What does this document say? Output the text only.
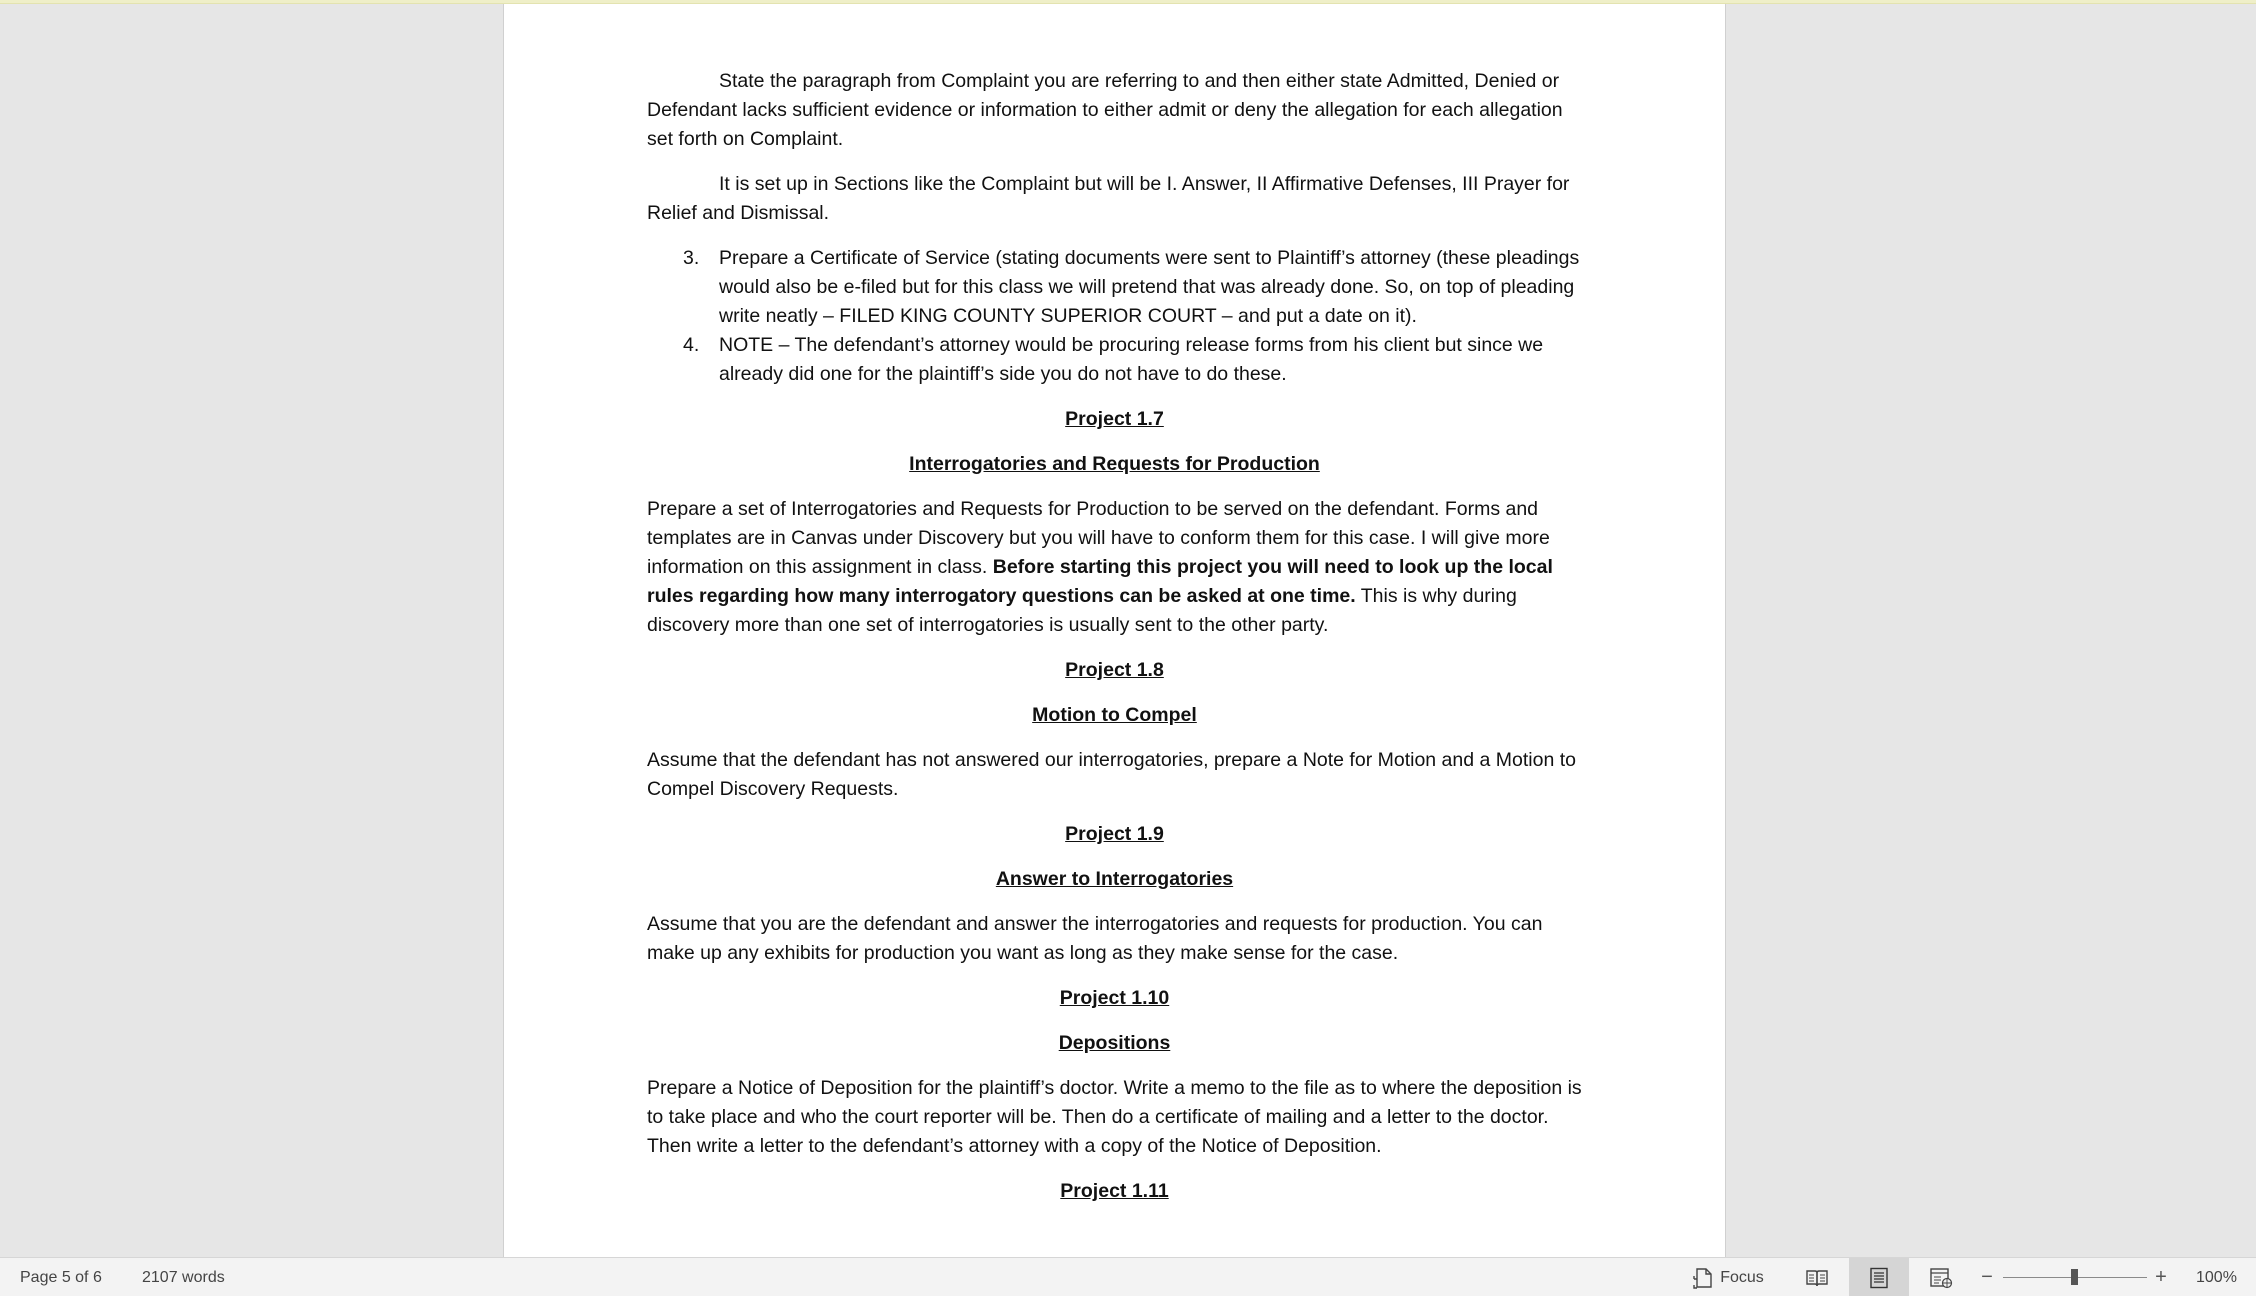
State the paragraph from Complaint you are referring to and then either state Admitted, Denied or Defendant lacks sufficient evidence or information to either admit or deny the allegation for each allegation set forth on Complaint.

It is set up in Sections like the Complaint but will be I. Answer, II Affirmative Defenses, III Prayer for Relief and Dismissal.

3. Prepare a Certificate of Service (stating documents were sent to Plaintiff’s attorney (these pleadings would also be e-filed but for this class we will pretend that was already done. So, on top of pleading write neatly – FILED KING COUNTY SUPERIOR COURT – and put a date on it).
4. NOTE – The defendant’s attorney would be procuring release forms from his client but since we already did one for the plaintiff’s side you do not have to do these.

Project 1.7

Interrogatories and Requests for Production

Prepare a set of Interrogatories and Requests for Production to be served on the defendant. Forms and templates are in Canvas under Discovery but you will have to conform them for this case. I will give more information on this assignment in class. Before starting this project you will need to look up the local rules regarding how many interrogatory questions can be asked at one time. This is why during discovery more than one set of interrogatories is usually sent to the other party.

Project 1.8

Motion to Compel

Assume that the defendant has not answered our interrogatories, prepare a Note for Motion and a Motion to Compel Discovery Requests.

Project 1.9

Answer to Interrogatories

Assume that you are the defendant and answer the interrogatories and requests for production. You can make up any exhibits for production you want as long as they make sense for the case.

Project 1.10

Depositions

Prepare a Notice of Deposition for the plaintiff’s doctor. Write a memo to the file as to where the deposition is to take place and who the court reporter will be. Then do a certificate of mailing and a letter to the doctor. Then write a letter to the defendant’s attorney with a copy of the Notice of Deposition.

Project 1.11

Page 5 of 6	2107 words	Focus	−	+ 100%
